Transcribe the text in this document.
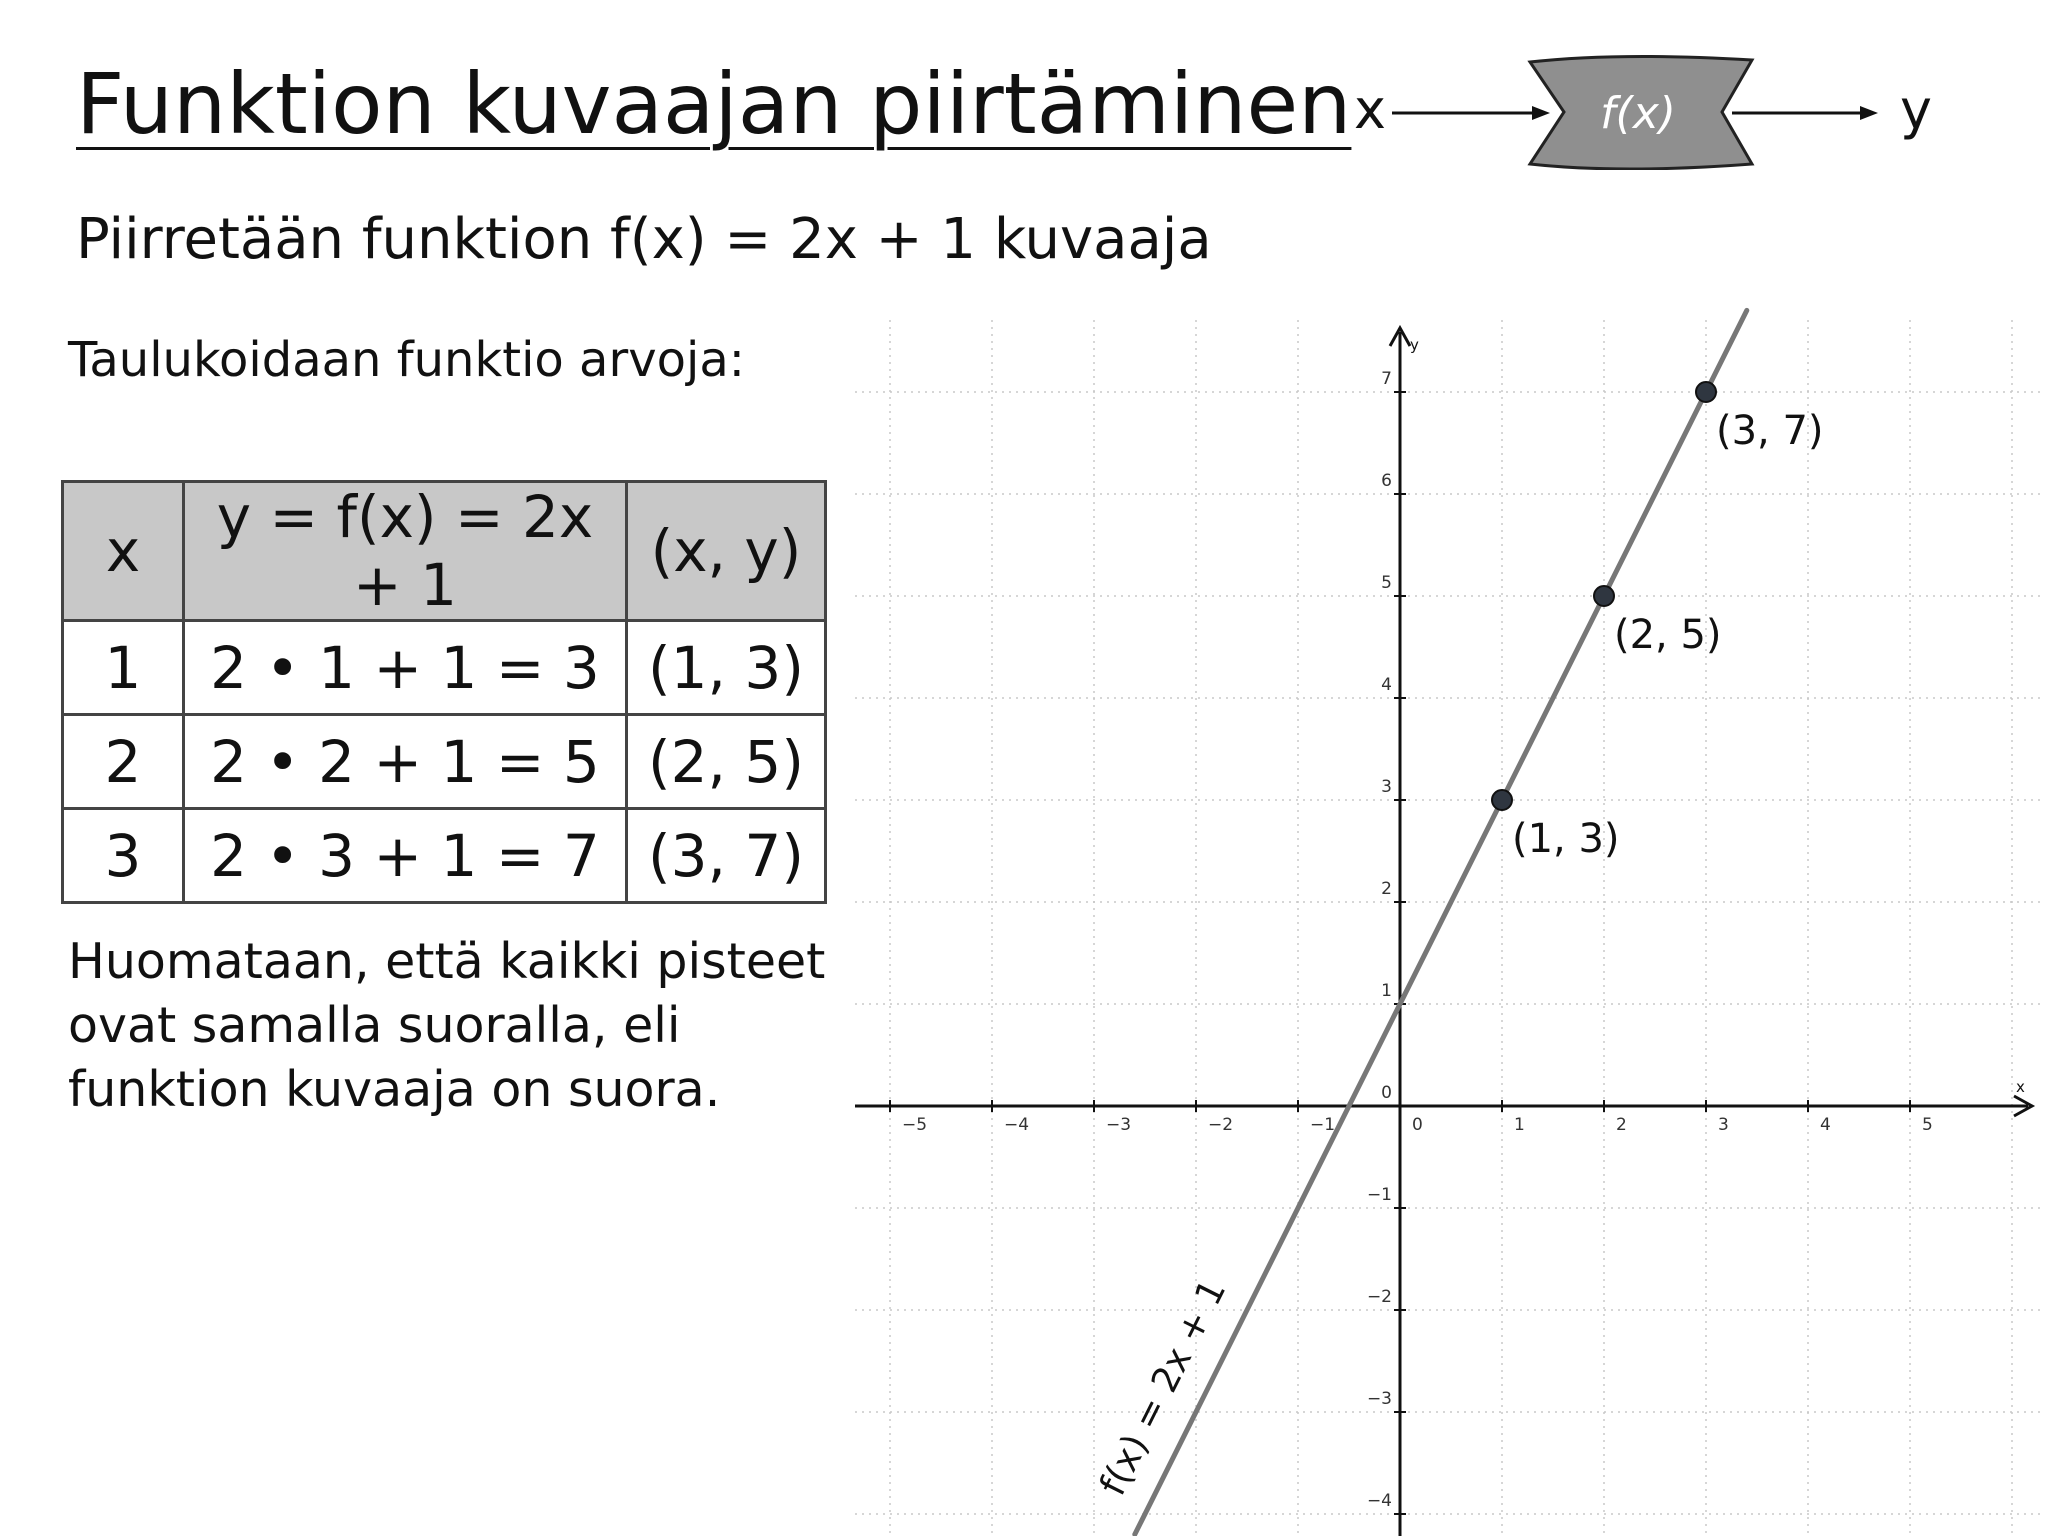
Funktion kuvaajan piirtäminen
Piirretään funktion f(x) = 2x + 1 kuvaaja
x	f(x)	y

Taulukoidaan funktio arvoja:

x	y = f(x) = 2x + 1	(x, y)
1	2 • 1 + 1 = 3	(1, 3)
2	2 • 2 + 1 = 5	(2, 5)
3	2 • 3 + 1 = 7	(3, 7)

Huomataan, että kaikki pisteet ovat samalla suoralla, eli funktion kuvaaja on suora.	x
y
−5	−4	−3	−2	−1	0	1	2	3	4	5
−4
−3
−2
−1
0
1
2
3
4
5
6
7
f(x) = 2x + 1
(1, 3)
(2, 5)
(3, 7)
